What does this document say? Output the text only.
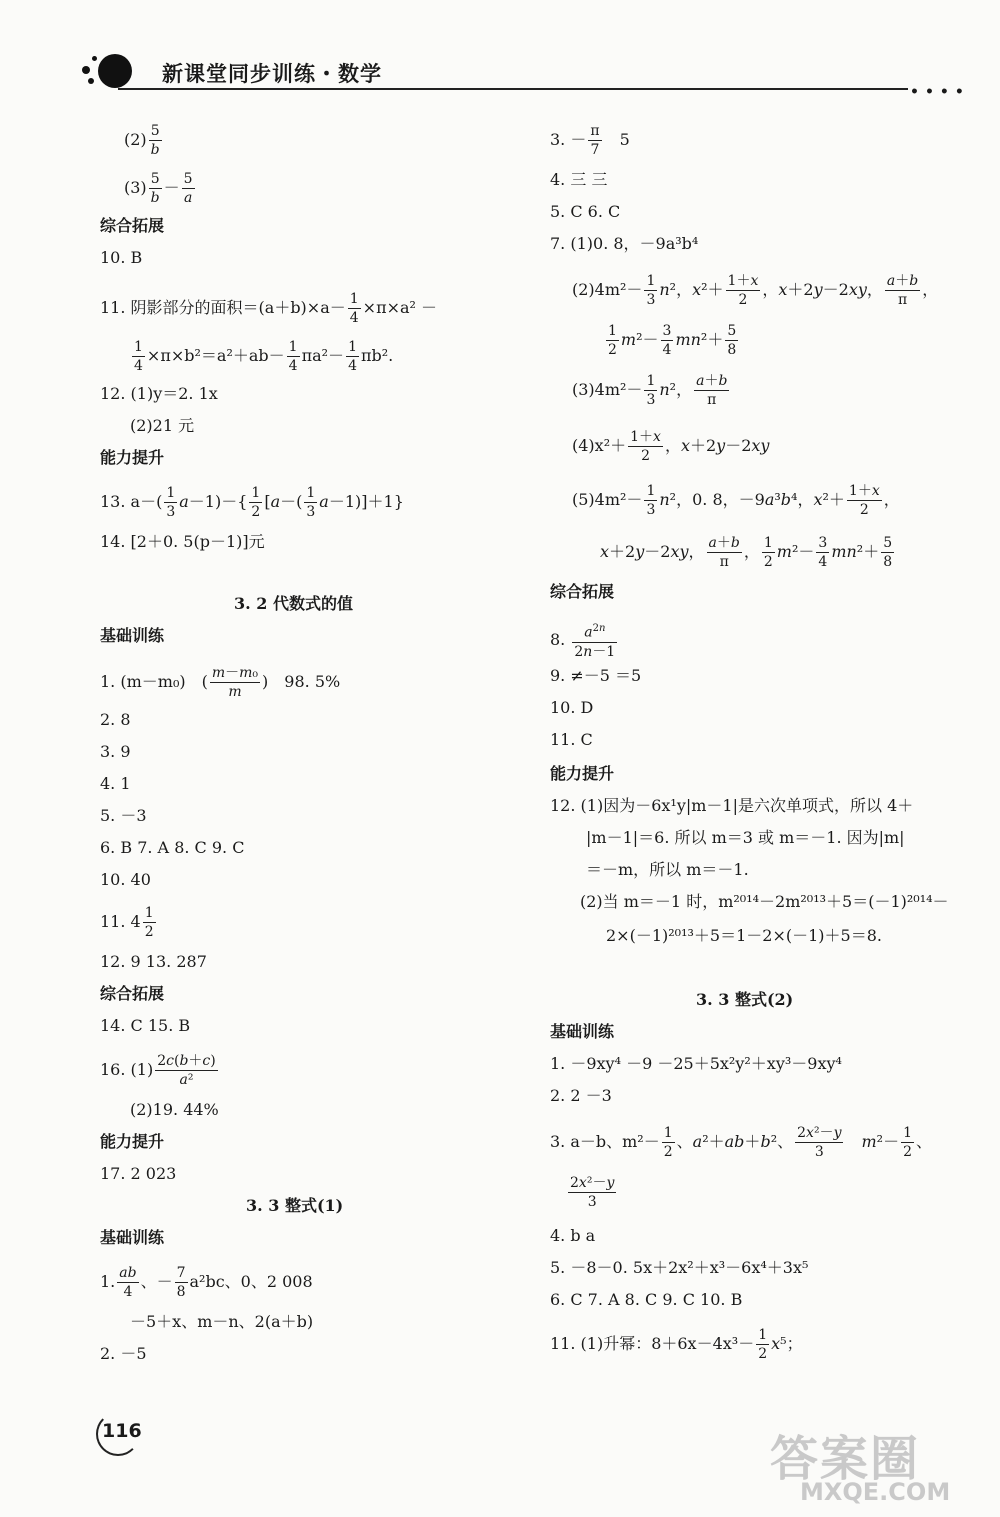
新课堂同步训练・数学
••••
$(2) \frac{5}{b}$
$(3) \frac{5}{b} - \frac{5}{a}$
综合拓展
10. B
11. 阴影部分的面积$=(a+b)\times a- \frac{1}{4} \times\pi\times a^2$ －
$\frac{1}{4} \times\pi\times b^2=a^2+ab- \frac{1}{4} \pi a^2- \frac{1}{4} \pi b^2$.
12. (1)y＝2. 1x
(2)21 元
能力提升
13. $a-( \frac{1}{3} a-1)-\{ \frac{1}{2} [a-( \frac{1}{3} a-1)]+1\}$
14. [2＋0. 5(p－1)]元
3. 2 代数式的值
基础训练
1. (m－m₀)　( $\frac{\text{m－m₀}}{m}$ )　98. 5%
2. 8
3. 9
4. 1
5. －3
6. B 7. A 8. C 9. C
10. 40
11. $4 \frac{1}{2}$
12. 9 13. 287
综合拓展
14. C 15. B
16. $(1) \frac{2c(b+c)}{\text{a²}}$
(2)19. 44%
能力提升
17. 2 023
3. 3 整式(1)
基础训练
1. $\frac{ab}{4}$ 、－ $\frac{7}{8} a^2bc$、0、2 008
－5＋x、m－n、2(a＋b)
2. －5
3. － $\frac{\pi}{7}$
　 5
4. 三 三
5. C 6. C
7. (1)0. 8，－9a³b⁴
$(2)4m^2- \frac{1}{3} n^2$，$x^2+ \frac{1+x}{2}$ ，x＋2y－2xy， $\frac{a+b}{\pi}$ ，
$\frac{1}{2} m^2- \frac{3}{4} mn^2+ \frac{5}{8}$
$(3)4m^2- \frac{1}{3} n^2$， $\frac{a+b}{\pi}$
$(4)x^2+ \frac{1+x}{2}$ ，x＋2y－2xy
$(5)4m^2- \frac{1}{3} n^2$，0. 8，－9a³b⁴，$x^2+ \frac{1+x}{2}$ ，
x＋2y－2xy， $\frac{a+b}{\pi}$ ， $\frac{1}{2} m^2- \frac{3}{4} mn^2+ \frac{5}{8}$
综合拓展
8. $\frac{a^{2n}}{2n-1}$
9. ≠－5 ＝5
10. D
11. C
能力提升
12. (1)因为－6x¹y|m－1|是六次单项式，所以 4＋
|m－1|＝6. 所以 m＝3 或 m＝－1. 因为|m|
＝－m，所以 m＝－1.
(2)当 m＝－1 时，m²⁰¹⁴－2m²⁰¹³＋5＝(－1)²⁰¹⁴－
2×(－1)²⁰¹³＋5＝1－2×(－1)＋5＝8.
3. 3 整式(2)
基础训练
1. －9xy⁴ －9 －25＋5x²y²＋xy³－9xy⁴
2. 2 －3
3. a－b、$m^2- \frac{1}{2}$ 、a²＋ab＋b²、 $\frac{\text{2x²－y}}{3}$
　 $m^2- \frac{1}{2}$ 、
$\frac{\text{2x²－y}}{3}$
4. b a
5. －8－0. 5x＋2x²＋x³－6x⁴＋3x⁵
6. C 7. A 8. C 9. C 10. B
11. (1)升幂：$8+6x-4x^3- \frac{1}{2} x^5$；
116	答案圈
MXQE.COM
